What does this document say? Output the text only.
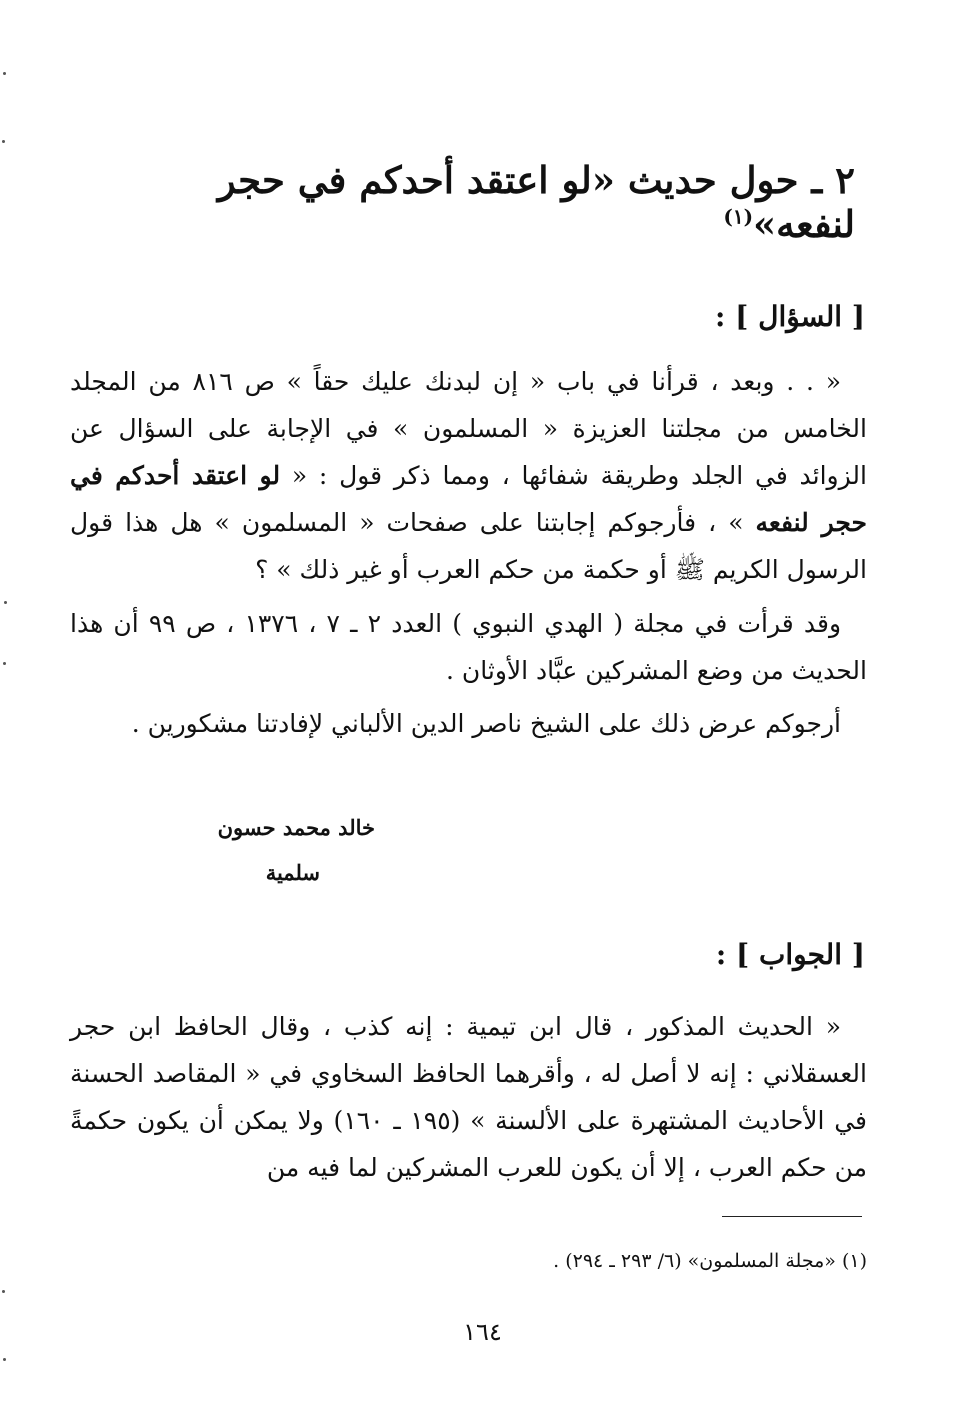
٢ ـ حول حديث «لو اعتقد أحدكم في حجر لنفعه»$^{(١)}$
[ السؤال ] :
« . . وبعد ، قرأنا في باب « إن لبدنك عليك حقاً » ص ٨١٦ من المجلد الخامس من مجلتنا العزيزة « المسلمون » في الإجابة على السؤال عن الزوائد في الجلد وطريقة شفائها ، ومما ذكر قول : « لو اعتقد أحدكم في حجر لنفعه » ، فأرجوكم إجابتنا على صفحات « المسلمون » هل هذا قول الرسول الكريم ﷺ أو حكمة من حكم العرب أو غير ذلك » ؟
وقد قرأت في مجلة ( الهدي النبوي ) العدد ٢ ـ ٧ ، ١٣٧٦ ، ص ٩٩ أن هذا الحديث من وضع المشركين عبَّاد الأوثان .
أرجوكم عرض ذلك على الشيخ ناصر الدين الألباني لإفادتنا مشكورين .
خالد محمد حسون
سلمية
[ الجواب ] :
« الحديث المذكور ، قال ابن تيمية : إنه كذب ، وقال الحافظ ابن حجر العسقلاني : إنه لا أصل له ، وأقرهما الحافظ السخاوي في « المقاصد الحسنة في الأحاديث المشتهرة على الألسنة » (١٩٥ ـ ١٦٠) ولا يمكن أن يكون حكمةً من حكم العرب ، إلا أن يكون للعرب المشركين لما فيه من
(١) «مجلة المسلمون» (٦/ ٢٩٣ ـ ٢٩٤) .
١٦٤
